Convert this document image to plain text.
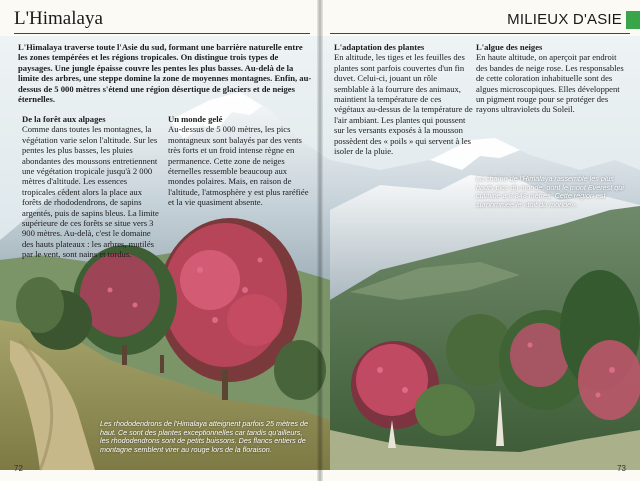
L'Himalaya
L'Himalaya traverse toute l'Asie du sud, formant une barrière naturelle entre les zones tempérées et les régions tropicales. On distingue trois types de paysages. Une jungle épaisse couvre les pentes les plus basses. Au-delà de la limite des arbres, une steppe domine la zone de moyennes montagnes. Enfin, au-dessus de 5 000 mètres s'étend une région désertique de glaciers et de neiges éternelles.
De la forêt aux alpages
Comme dans toutes les montagnes, la végétation varie selon l'altitude. Sur les pentes les plus basses, les pluies abondantes des moussons entretiennent une végétation tropicale jusqu'à 2 000 mètres d'altitude. Les essences tropicales cèdent alors la place aux forêts de rhododendrons, de sapins argentés, puis de sapins bleus. La limite supérieure de ces forêts se situe vers 3 900 mètres. Au-delà, c'est le domaine des hauts plateaux : les arbres, mutilés par le vent, sont nains et tordus.
Un monde gelé
Au-dessus de 5 000 mètres, les pics montagneux sont balayés par des vents très forts et un froid intense règne en permanence. Cette zone de neiges éternelles ressemble beaucoup aux mondes polaires. Mais, en raison de l'altitude, l'atmosphère y est plus raréfiée et la vie quasiment absente.
Les rhododendrons de l'Himalaya atteignent parfois 25 mètres de haut. Ce sont des plantes exceptionnelles car tandis qu'ailleurs, les rhododendrons sont de petits buissons. Des flancs entiers de montagne semblent virer au rouge lors de la floraison.
72
MILIEUX D'ASIE
L'adaptation des plantes
En altitude, les tiges et les feuilles des plantes sont parfois couvertes d'un fin duvet. Celui-ci, jouant un rôle semblable à la fourrure des animaux, maintient la température de ces végétaux au-dessus de la température de l'air ambiant. Les plantes qui poussent sur les versants exposés à la mousson possèdent des « poils » qui servent à les isoler de la pluie.
L'algue des neiges
En haute altitude, on aperçoit par endroit des bandes de neige rose. Les responsables de cette coloration inhabituelle sont des algues microscopiques. Elles développent un pigment rouge pour se protéger des rayons ultraviolets du Soleil.
La chaîne de l'Himalaya rassemble les plus hauts pics du monde, dont le mont Everest qui culmine à 8 848 mètres. Cette région est surnommée le «toit du monde».
73
